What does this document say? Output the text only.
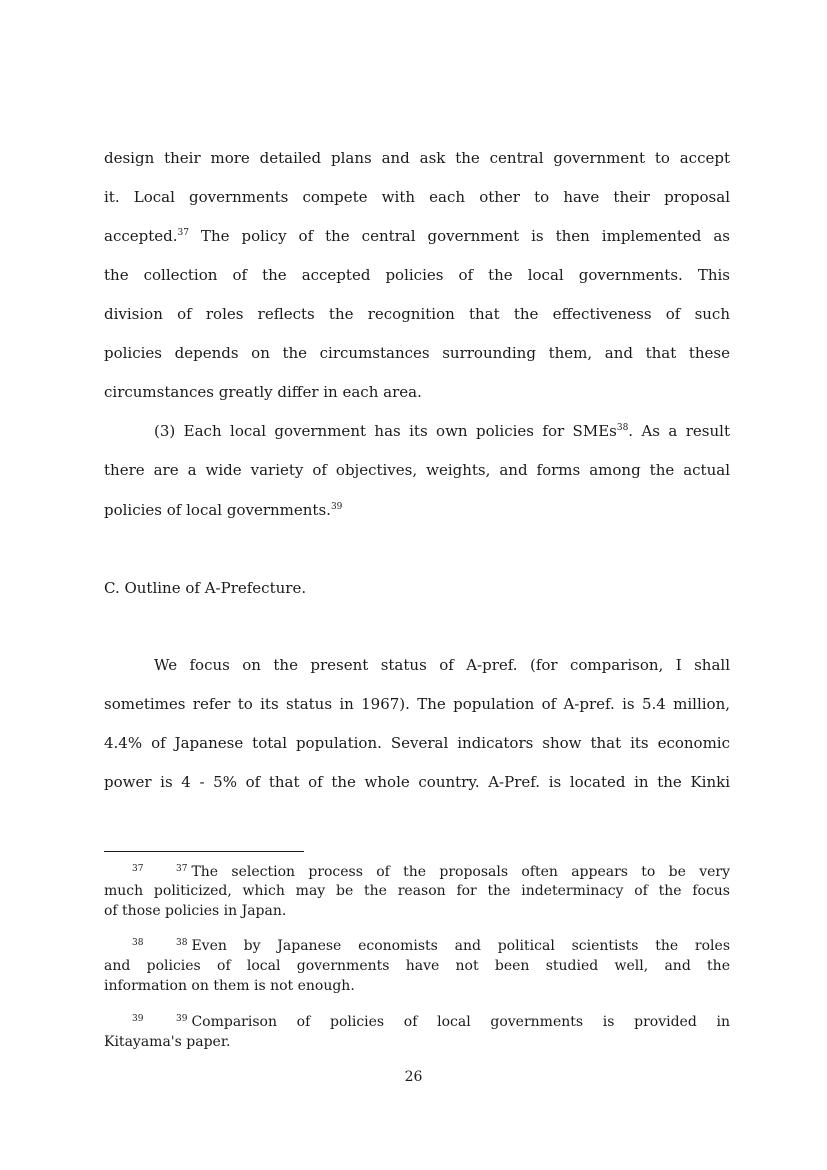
design their more detailed plans and ask the central government to accept
it. Local governments compete with each other to have their proposal
accepted.$^{37}$ The policy of the central government is then implemented as
the collection of the accepted policies of the local governments. This
division of roles reflects the recognition that the effectiveness of such
policies depends on the circumstances surrounding them, and that these
circumstances greatly differ in each area.
(3) Each local government has its own policies for SMEs$^{38}$. As a result
there are a wide variety of objectives, weights, and forms among the actual
policies of local governments.$^{39}$
C. Outline of A-Prefecture.
We focus on the present status of A-pref. (for comparison, I shall
sometimes refer to its status in 1967). The population of A-pref. is 5.4 million,
4.4% of Japanese total population. Several indicators show that its economic
power is 4 - 5% of that of the whole country. A-Pref. is located in the Kinki
37	$^{37}$ The selection process of the proposals often appears to be very
much politicized, which may be the reason for the indeterminacy of the focus
of those policies in Japan.
38	$^{38}$ Even by Japanese economists and political scientists the roles
and policies of local governments have not been studied well, and the
information on them is not enough.
39	$^{39}$ Comparison of policies of local governments is provided in
Kitayama's paper.
26
